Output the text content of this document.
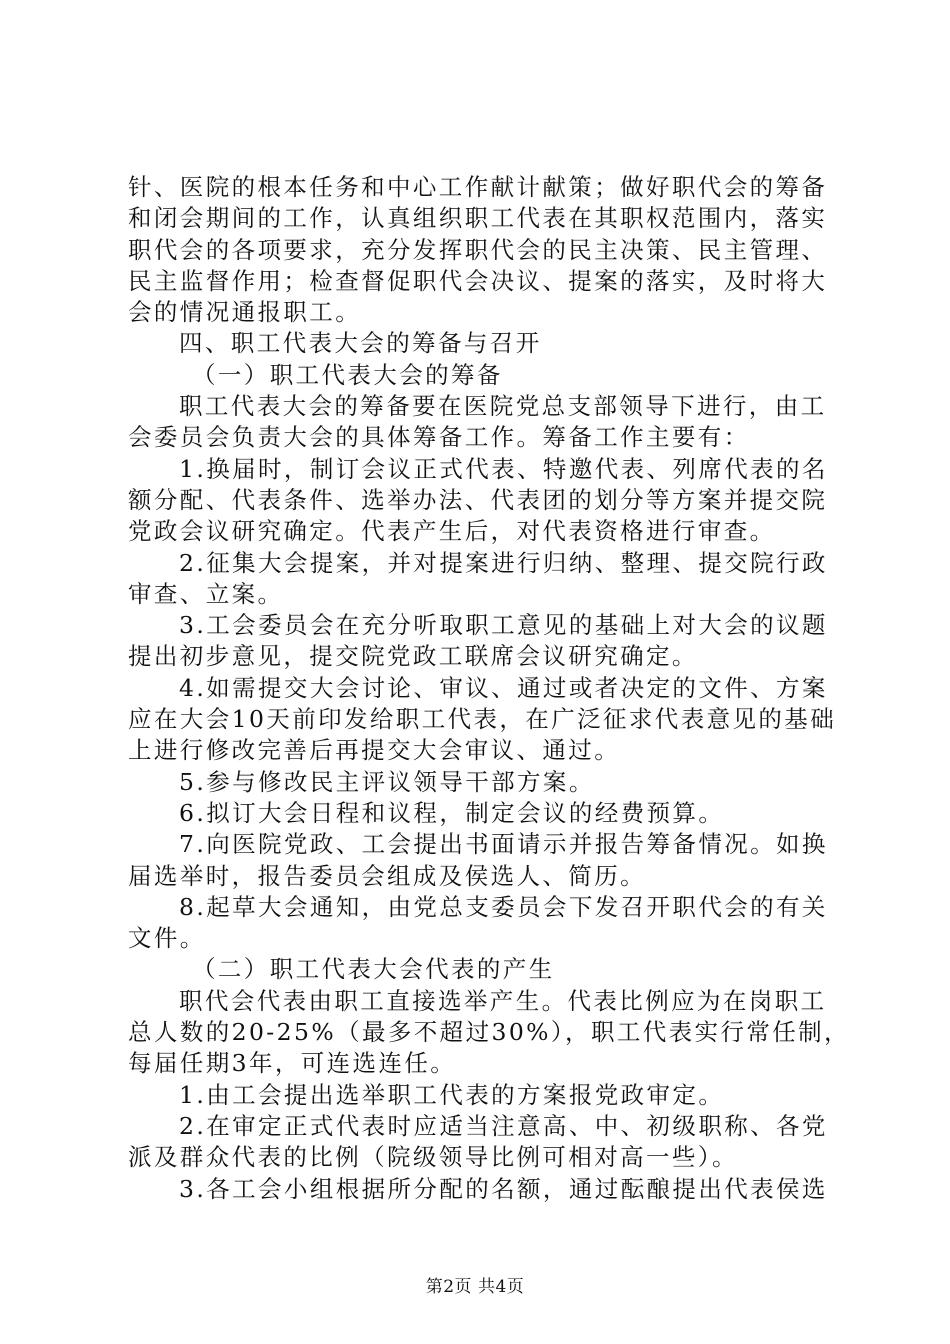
针、医院的根本任务和中心工作献计献策；做好职代会的筹备
和闭会期间的工作，认真组织职工代表在其职权范围内，落实
职代会的各项要求，充分发挥职代会的民主决策、民主管理、
民主监督作用；检查督促职代会决议、提案的落实，及时将大
会的情况通报职工。
四、职工代表大会的筹备与召开
（一）职工代表大会的筹备
职工代表大会的筹备要在医院党总支部领导下进行，由工
会委员会负责大会的具体筹备工作。筹备工作主要有：
1.换届时，制订会议正式代表、特邀代表、列席代表的名
额分配、代表条件、选举办法、代表团的划分等方案并提交院
党政会议研究确定。代表产生后，对代表资格进行审查。
2.征集大会提案，并对提案进行归纳、整理、提交院行政
审查、立案。
3.工会委员会在充分听取职工意见的基础上对大会的议题
提出初步意见，提交院党政工联席会议研究确定。
4.如需提交大会讨论、审议、通过或者决定的文件、方案
应在大会10天前印发给职工代表，在广泛征求代表意见的基础
上进行修改完善后再提交大会审议、通过。
5.参与修改民主评议领导干部方案。
6.拟订大会日程和议程，制定会议的经费预算。
7.向医院党政、工会提出书面请示并报告筹备情况。如换
届选举时，报告委员会组成及侯选人、简历。
8.起草大会通知，由党总支委员会下发召开职代会的有关
文件。
（二）职工代表大会代表的产生
职代会代表由职工直接选举产生。代表比例应为在岗职工
总人数的20-25%（最多不超过30%），职工代表实行常任制，
每届任期3年，可连选连任。
1.由工会提出选举职工代表的方案报党政审定。
2.在审定正式代表时应适当注意高、中、初级职称、各党
派及群众代表的比例（院级领导比例可相对高一些）。
3.各工会小组根据所分配的名额，通过酝酿提出代表侯选
第2页 共4页
